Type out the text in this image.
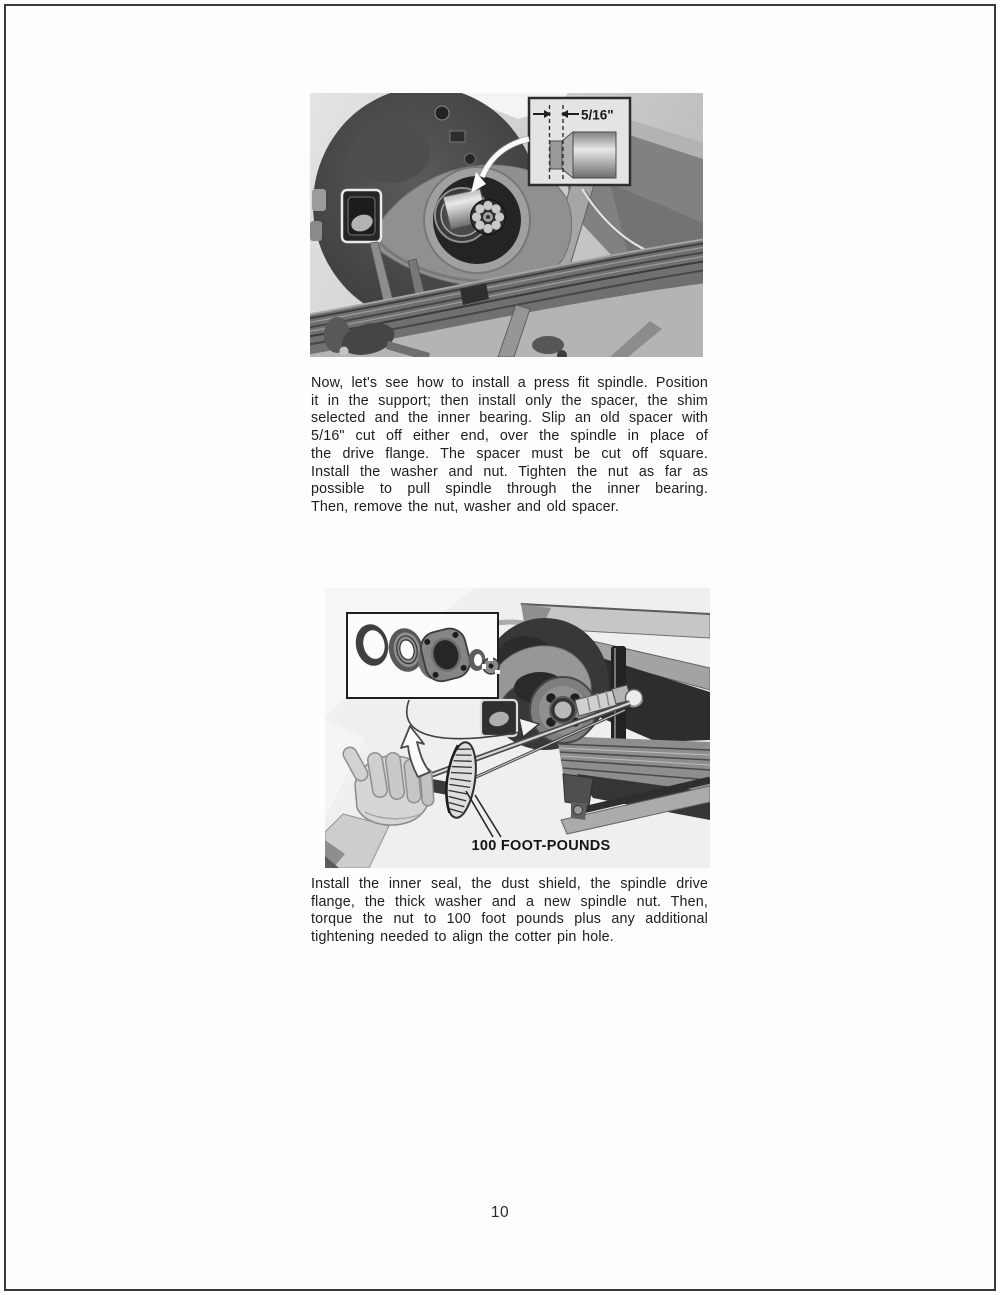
5/16"

Now, let's see how to install a press fit spindle. Position

it in the support; then install only the spacer, the shim

selected and the inner bearing. Slip an old spacer with

5/16" cut off either end, over the spindle in place of

the drive flange. The spacer must be cut off square.

Install the washer and nut. Tighten the nut as far as

possible to pull spindle through the inner bearing.

Then, remove the nut, washer and old spacer.

100 FOOT-POUNDS

Install the inner seal, the dust shield, the spindle drive

flange, the thick washer and a new spindle nut. Then,

torque the nut to 100 foot pounds plus any additional

tightening needed to align the cotter pin hole.

10
